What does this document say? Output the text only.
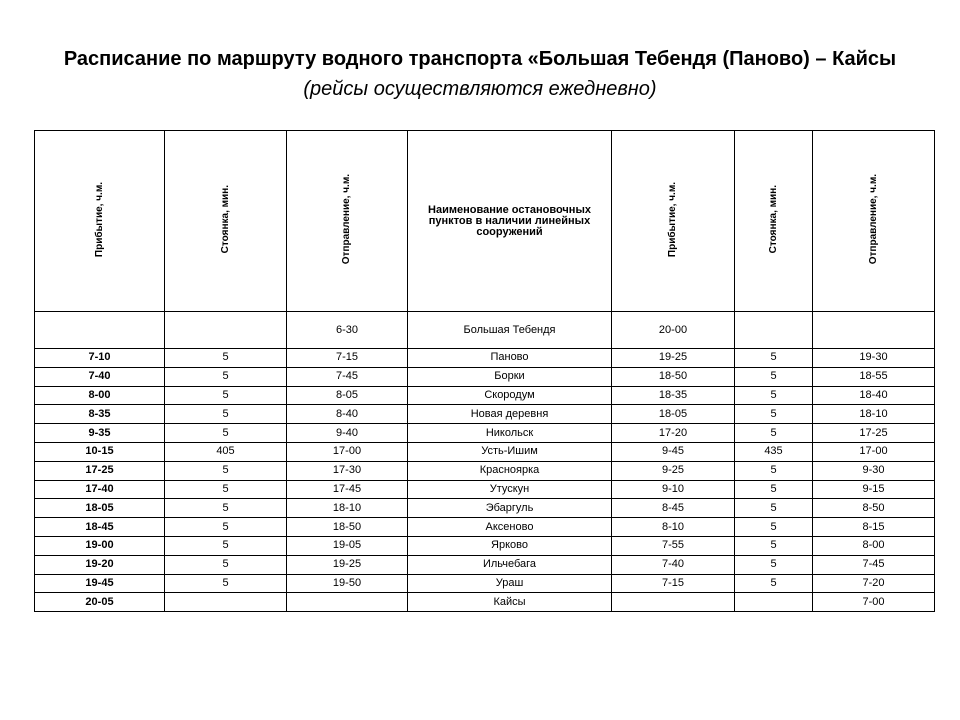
Расписание по маршруту водного транспорта «Большая Тебендя (Паново) – Кайсы
(рейсы осуществляются ежедневно)
Прибытие, ч.м.	Стоянка, мин.	Отправление, ч.м.	Наименование остановочных пунктов в наличии линейных сооружений	Прибытие, ч.м.	Стоянка, мин.	Отправление, ч.м.
		6-30	Большая Тебендя	20-00		
7-10	5	7-15	Паново	19-25	5	19-30
7-40	5	7-45	Борки	18-50	5	18-55
8-00	5	8-05	Скородум	18-35	5	18-40
8-35	5	8-40	Новая деревня	18-05	5	18-10
9-35	5	9-40	Никольск	17-20	5	17-25
10-15	405	17-00	Усть-Ишим	9-45	435	17-00
17-25	5	17-30	Красноярка	9-25	5	9-30
17-40	5	17-45	Утускун	9-10	5	9-15
18-05	5	18-10	Эбаргуль	8-45	5	8-50
18-45	5	18-50	Аксеново	8-10	5	8-15
19-00	5	19-05	Ярково	7-55	5	8-00
19-20	5	19-25	Ильчебага	7-40	5	7-45
19-45	5	19-50	Ураш	7-15	5	7-20
20-05			Кайсы			7-00
